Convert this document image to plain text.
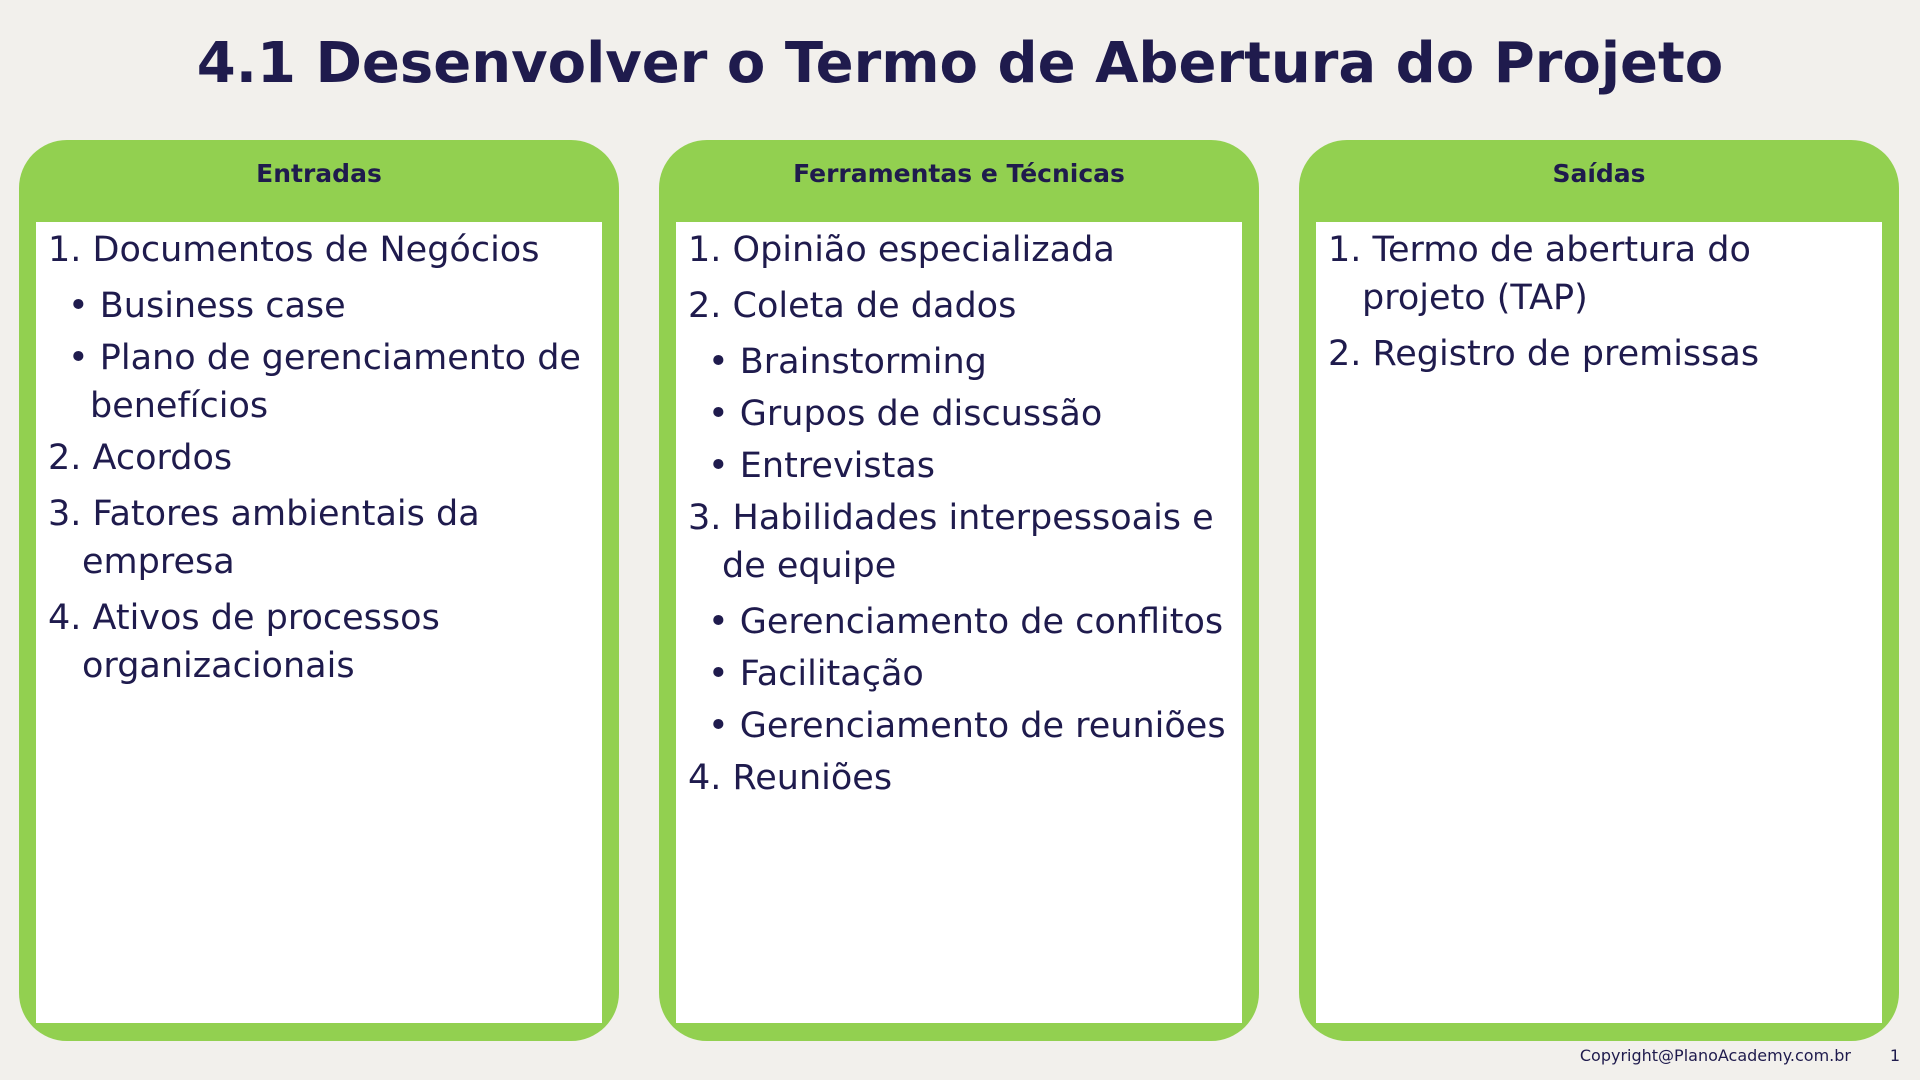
4.1 Desenvolver o Termo de Abertura do Projeto
Entradas
1. Documentos de Negócios
• Business case
• Plano de gerenciamento de benefícios
2. Acordos
3. Fatores ambientais da empresa
4. Ativos de processos organizacionais
Ferramentas e Técnicas
1. Opinião especializada
2. Coleta de dados
• Brainstorming
• Grupos de discussão
• Entrevistas
3. Habilidades interpessoais e de equipe
• Gerenciamento de conflitos
• Facilitação
• Gerenciamento de reuniões
4. Reuniões
Saídas
1. Termo de abertura do projeto (TAP)
2. Registro de premissas
Copyright@PlanoAcademy.com.br 1
